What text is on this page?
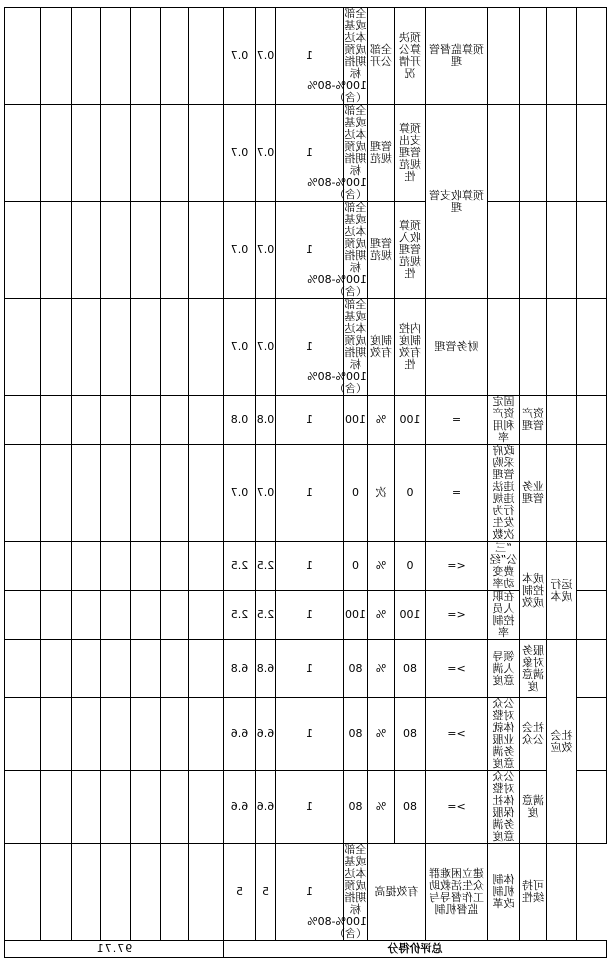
							0.7	0.7	1	全部或基本达成预期指标100%-80%（含）	全部公开	预决算公开情况	预算监督管理				

							0.7	0.7	1	全部或基本达成预期指标100%-80%（含）	管理规范	预算支出管理规范性	预算收支管理				

							0.7	0.7	1	全部或基本达成预期指标100%-80%（含）	管理规范	预算收入管理规范性					

							0.7	0.7	1	全部或基本达成预期指标100%-80%（含）	制度有效	内控制度有效性	财务管理				

							0.8	0.8	1	100	%	100	=	固定资产利用率	资产管理		

							0.7	0.7	1	0	次	0	=	政府采购管理违法违规行为发生次数	业务管理		

							2.5	2.5	1	0	%	0	<=	“三公”经费变动率	成本控制成效	运行成本	

							2.5	2.5	1	100	%	100	<=	在职人员控制率			

							6.8	6.8	1	80	%	80	>=	领导人满意度	服务对象满意度	社会效应	

							6.6	6.6	1	80	%	80	>=	公众对整体就业服务满意度	社会公众		

							6.6	6.6	1	80	%	80	>=	公众对整体社保服务满意度	满意度		

							5	5	1	全部或基本达成预期指标100%-80%（含）	有效提高		建立困难群众生活救助工作督导与监督机制	体制机制改革	可持续性		

97.71							总评价得分										
